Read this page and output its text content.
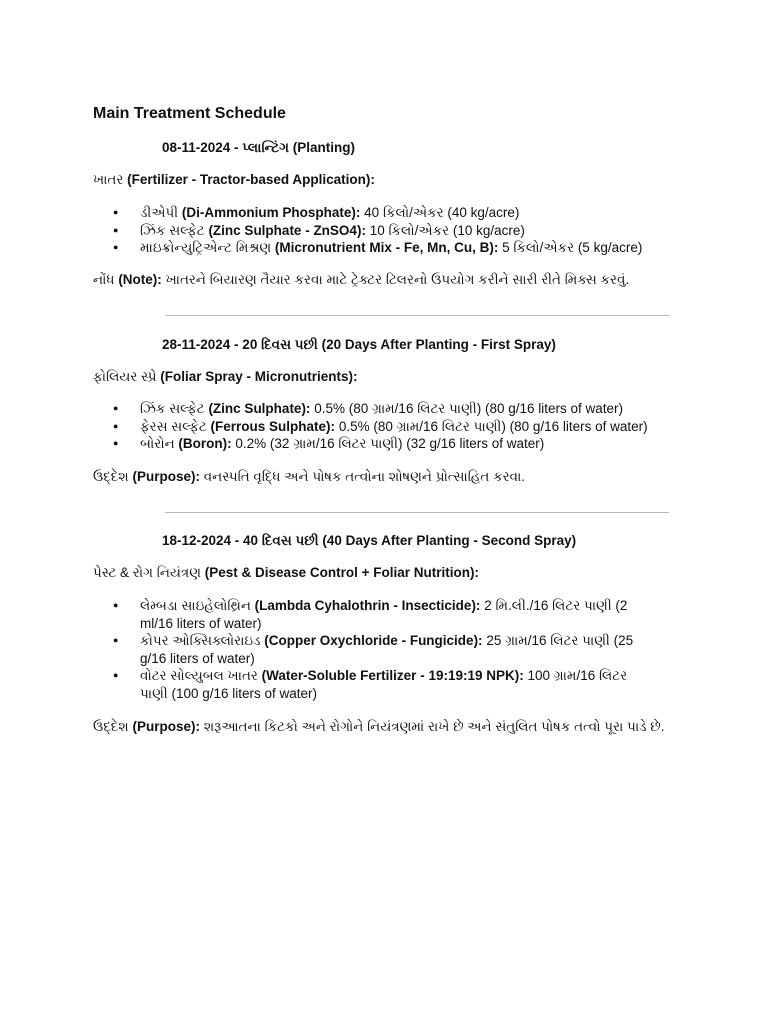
Main Treatment Schedule
08-11-2024 - પ્લાન્ટિંગ (Planting)
ખાતર (Fertilizer - Tractor-based Application):
● ડીએપી (Di-Ammonium Phosphate): 40 કિલો/એકર (40 kg/acre)
● ઝિંક સલ્ફેટ (Zinc Sulphate - ZnSO4): 10 કિલો/એકર (10 kg/acre)
● માઇક્રોન્યુટ્રિએન્ટ મિશ્રણ (Micronutrient Mix - Fe, Mn, Cu, B): 5 કિલો/એકર (5 kg/acre)
નોંધ (Note): ખાતરને બિયારણ તૈયાર કરવા માટે ટ્રેક્ટર ટિલરનો ઉપયોગ કરીને સારી રીતે મિક્સ કરવું.
28-11-2024 - 20 દિવસ પછી (20 Days After Planting - First Spray)
ફોલિયર સ્પ્રે (Foliar Spray - Micronutrients):
● ઝિંક સલ્ફેટ (Zinc Sulphate): 0.5% (80 ગ્રામ/16 લિટર પાણી) (80 g/16 liters of water)
● ફેરસ સલ્ફેટ (Ferrous Sulphate): 0.5% (80 ગ્રામ/16 લિટર પાણી) (80 g/16 liters of water)
● બોરોન (Boron): 0.2% (32 ગ્રામ/16 લિટર પાણી) (32 g/16 liters of water)
ઉદ્દેશ (Purpose): વનસ્પતિ વૃદ્ધિ અને પોષક તત્વોના શોષણને પ્રોત્સાહિત કરવા.
18-12-2024 - 40 દિવસ પછી (40 Days After Planting - Second Spray)
પેસ્ટ & રોગ નિયંત્રણ (Pest & Disease Control + Foliar Nutrition):
● લેમ્બડા સાઇહેલોથ્રિન (Lambda Cyhalothrin - Insecticide): 2 મિ.લી./16 લિટર પાણી (2 ml/16 liters of water)
● કોપર ઓક્સિક્લોરાઇડ (Copper Oxychloride - Fungicide): 25 ગ્રામ/16 લિટર પાણી (25 g/16 liters of water)
● વોટર સોલ્યુબલ ખાતર (Water-Soluble Fertilizer - 19:19:19 NPK): 100 ગ્રામ/16 લિટર પાણી (100 g/16 liters of water)
ઉદ્દેશ (Purpose): શરૂઆતના કિટકો અને રોગોને નિયંત્રણમાં રાખે છે અને સંતુલિત પોષક તત્વો પૂરા પાડે છે.
